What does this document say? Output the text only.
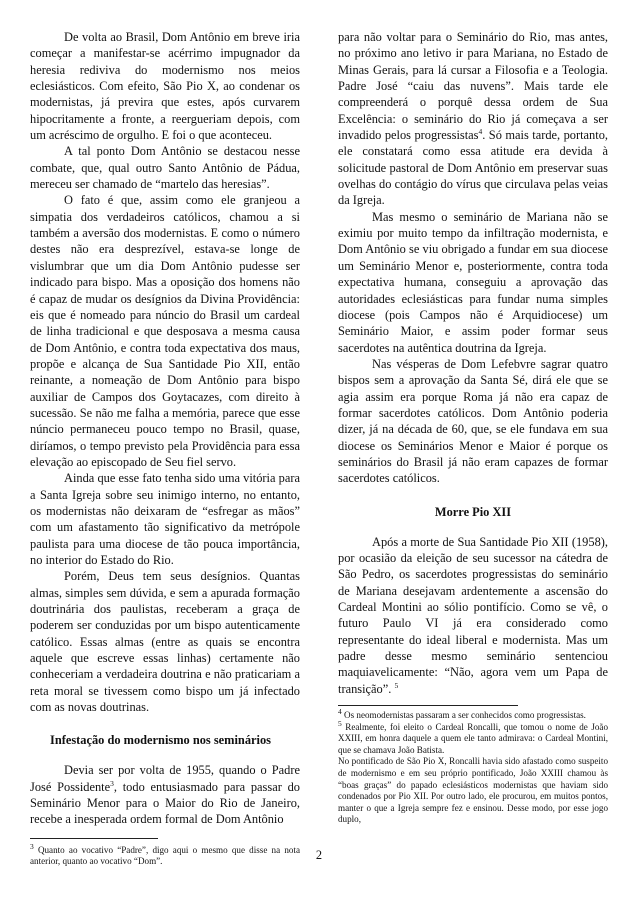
De volta ao Brasil, Dom Antônio em breve iria começar a manifestar-se acérrimo impugnador da heresia rediviva do modernismo nos meios eclesiásticos. Com efeito, São Pio X, ao condenar os modernistas, já previra que estes, após curvarem hipocritamente a fronte, a reergueriam depois, com um acréscimo de orgulho. E foi o que aconteceu.

A tal ponto Dom Antônio se destacou nesse combate, que, qual outro Santo Antônio de Pádua, mereceu ser chamado de “martelo das heresias”.

O fato é que, assim como ele granjeou a simpatia dos verdadeiros católicos, chamou a si também a aversão dos modernistas. E como o número destes não era desprezível, estava-se longe de vislumbrar que um dia Dom Antônio pudesse ser indicado para bispo. Mas a oposição dos homens não é capaz de mudar os desígnios da Divina Providência: eis que é nomeado para núncio do Brasil um cardeal de linha tradicional e que desposava a mesma causa de Dom Antônio, e contra toda expectativa dos maus, propõe e alcança de Sua Santidade Pio XII, então reinante, a nomeação de Dom Antônio para bispo auxiliar de Campos dos Goytacazes, com direito à sucessão. Se não me falha a memória, parece que esse núncio permaneceu pouco tempo no Brasil, quase, diríamos, o tempo previsto pela Providência para essa elevação ao episcopado de Seu fiel servo.

Ainda que esse fato tenha sido uma vitória para a Santa Igreja sobre seu inimigo interno, no entanto, os modernistas não deixaram de “esfregar as mãos” com um afastamento tão significativo da metrópole paulista para uma diocese de tão pouca importância, no interior do Estado do Rio.

Porém, Deus tem seus desígnios. Quantas almas, simples sem dúvida, e sem a apurada formação doutrinária dos paulistas, receberam a graça de poderem ser conduzidas por um bispo autenticamente católico. Essas almas (entre as quais se encontra aquele que escreve essas linhas) certamente não conheceriam a verdadeira doutrina e não praticariam a reta moral se tivessem como bispo um já infectado com as novas doutrinas.

Infestação do modernismo nos seminários

Devia ser por volta de 1955, quando o Padre José Possidente$^3$, todo entusiasmado para passar do Seminário Menor para o Maior do Rio de Janeiro, recebe a inesperada ordem formal de Dom Antônio

$^3$ Quanto ao vocativo “Padre”, digo aqui o mesmo que disse na nota anterior, quanto ao vocativo “Dom”.

para não voltar para o Seminário do Rio, mas antes, no próximo ano letivo ir para Mariana, no Estado de Minas Gerais, para lá cursar a Filosofia e a Teologia. Padre José “caiu das nuvens”. Mais tarde ele compreenderá o porquê dessa ordem de Sua Excelência: o seminário do Rio já começava a ser invadido pelos progressistas$^4$. Só mais tarde, portanto, ele constatará como essa atitude era devida à solicitude pastoral de Dom Antônio em preservar suas ovelhas do contágio do vírus que circulava pelas veias da Igreja.

Mas mesmo o seminário de Mariana não se eximiu por muito tempo da infiltração modernista, e Dom Antônio se viu obrigado a fundar em sua diocese um Seminário Menor e, posteriormente, contra toda expectativa humana, conseguiu a aprovação das autoridades eclesiásticas para fundar numa simples diocese (pois Campos não é Arquidiocese) um Seminário Maior, e assim poder formar seus sacerdotes na autêntica doutrina da Igreja.

Nas vésperas de Dom Lefebvre sagrar quatro bispos sem a aprovação da Santa Sé, dirá ele que se agia assim era porque Roma já não era capaz de formar sacerdotes católicos. Dom Antônio poderia dizer, já na década de 60, que, se ele fundava em sua diocese os Seminários Menor e Maior é porque os seminários do Brasil já não eram capazes de formar sacerdotes católicos.

Morre Pio XII

Após a morte de Sua Santidade Pio XII (1958), por ocasião da eleição de seu sucessor na cátedra de São Pedro, os sacerdotes progressistas do seminário de Mariana desejavam ardentemente a ascensão do Cardeal Montini ao sólio pontifício. Como se vê, o futuro Paulo VI já era considerado como representante do ideal liberal e modernista. Mas um padre desse mesmo seminário sentenciou maquiavelicamente: “Não, agora vem um Papa de transição”. $^5$

$^4$ Os neomodernistas passaram a ser conhecidos como progressistas.

$^5$ Realmente, foi eleito o Cardeal Roncalli, que tomou o nome de João XXIII, em honra daquele a quem ele tanto admirava: o Cardeal Montini, que se chamava João Batista.

No pontificado de São Pio X, Roncalli havia sido afastado como suspeito de modernismo e em seu próprio pontificado, João XXIII chamou às “boas graças” do papado eclesiásticos modernistas que haviam sido condenados por Pio XII. Por outro lado, ele procurou, em muitos pontos, manter o que a Igreja sempre fez e ensinou. Desse modo, por esse jogo duplo,

2
